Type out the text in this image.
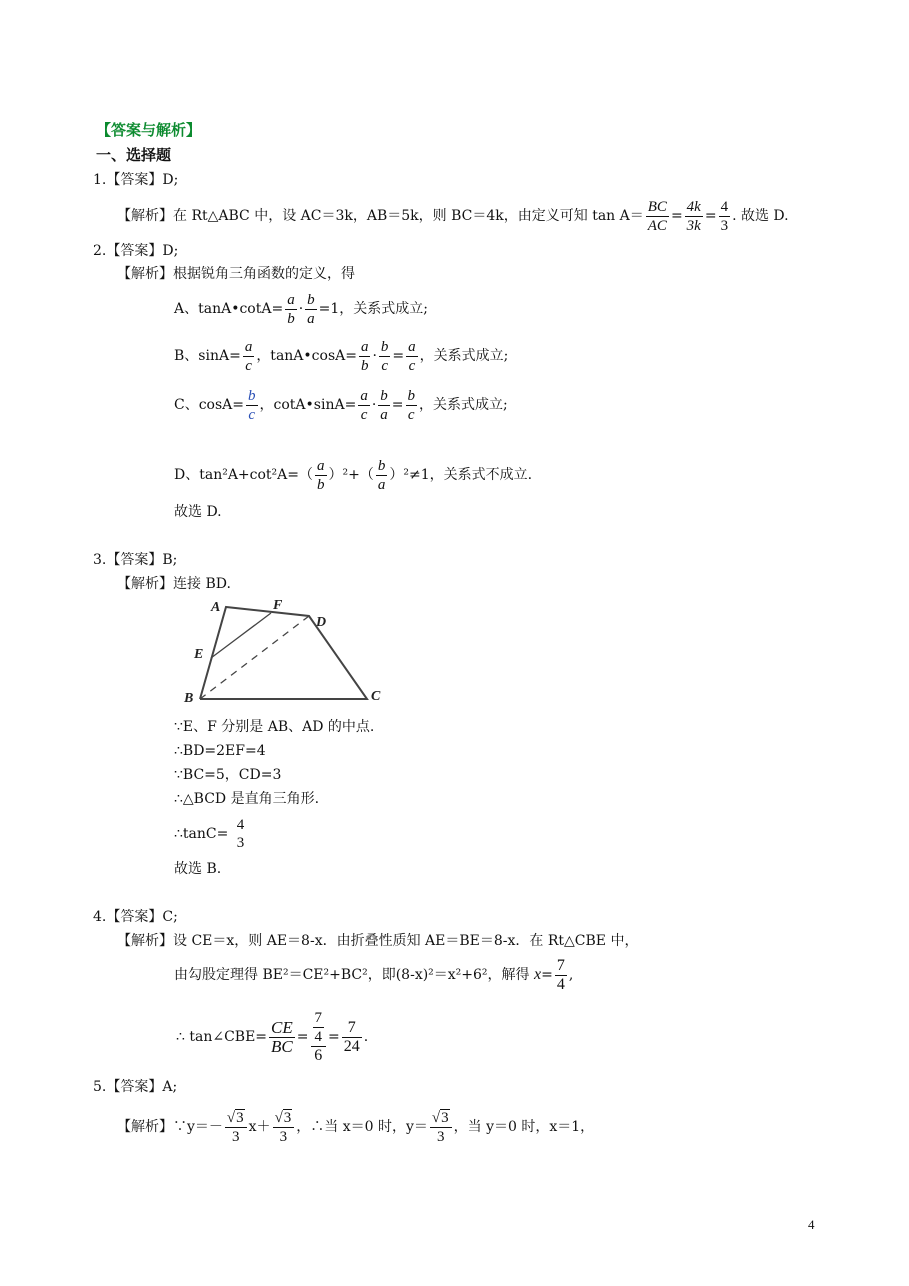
【答案与解析】
一、选择题
1.【答案】D;
【解析】在 Rt△ABC 中，设 AC＝3k，AB＝5k，则 BC＝4k，由定义可知 $\tan A= \frac{BC}{AC} = \frac{4k}{3k} = \frac{4}{3}$ . 故选 D.
2.【答案】D;
【解析】根据锐角三角函数的定义，得
A、tanA•cotA= $\frac{a}{b} \cdot \frac{b}{a} =1$，关系式成立;
B、$\sin A= \frac{a}{c}$ ，tanA•cosA= $\frac{a}{b} \cdot \frac{b}{c} = \frac{a}{c}$ ，关系式成立;
C、$\cos A= \frac{b}{c}$ ，cotA•sinA= $\frac{a}{c} \cdot \frac{b}{a} = \frac{b}{c}$ ，关系式成立;
D、$\tan^2A+\cot^2A=( \frac{a}{b} )^2+( \frac{b}{a} )^2\ne 1$，关系式不成立.
故选 D.
3.【答案】B;
【解析】连接 BD.
A	F
D
E
B	C
∵E、F 分别是 AB、AD 的中点.
∴BD=2EF=4
∵BC=5，CD=3
∴△BCD 是直角三角形.
∴tanC=
4
3
故选 B.
4.【答案】C;
【解析】设 CE＝x，则 AE＝8-x．由折叠性质知 AE＝BE＝8-x．在 Rt△CBE 中，
由勾股定理得 BE²＝CE²+BC²，即(8-x)²＝x²+6²，解得 $x= \frac{7}{4}$ ,
∴ tan∠CBE= $\frac{CE}{BC} = \frac{\frac{7}{4}}{6} = \frac{7}{24}$ .
5.【答案】A;
【解析】∵y＝－ $\frac{√3}{3} x+ \frac{√3}{3}$ ，∴当 x＝0 时，$y= \frac{√3}{3}$ ，当 y＝0 时，x＝1，
4
